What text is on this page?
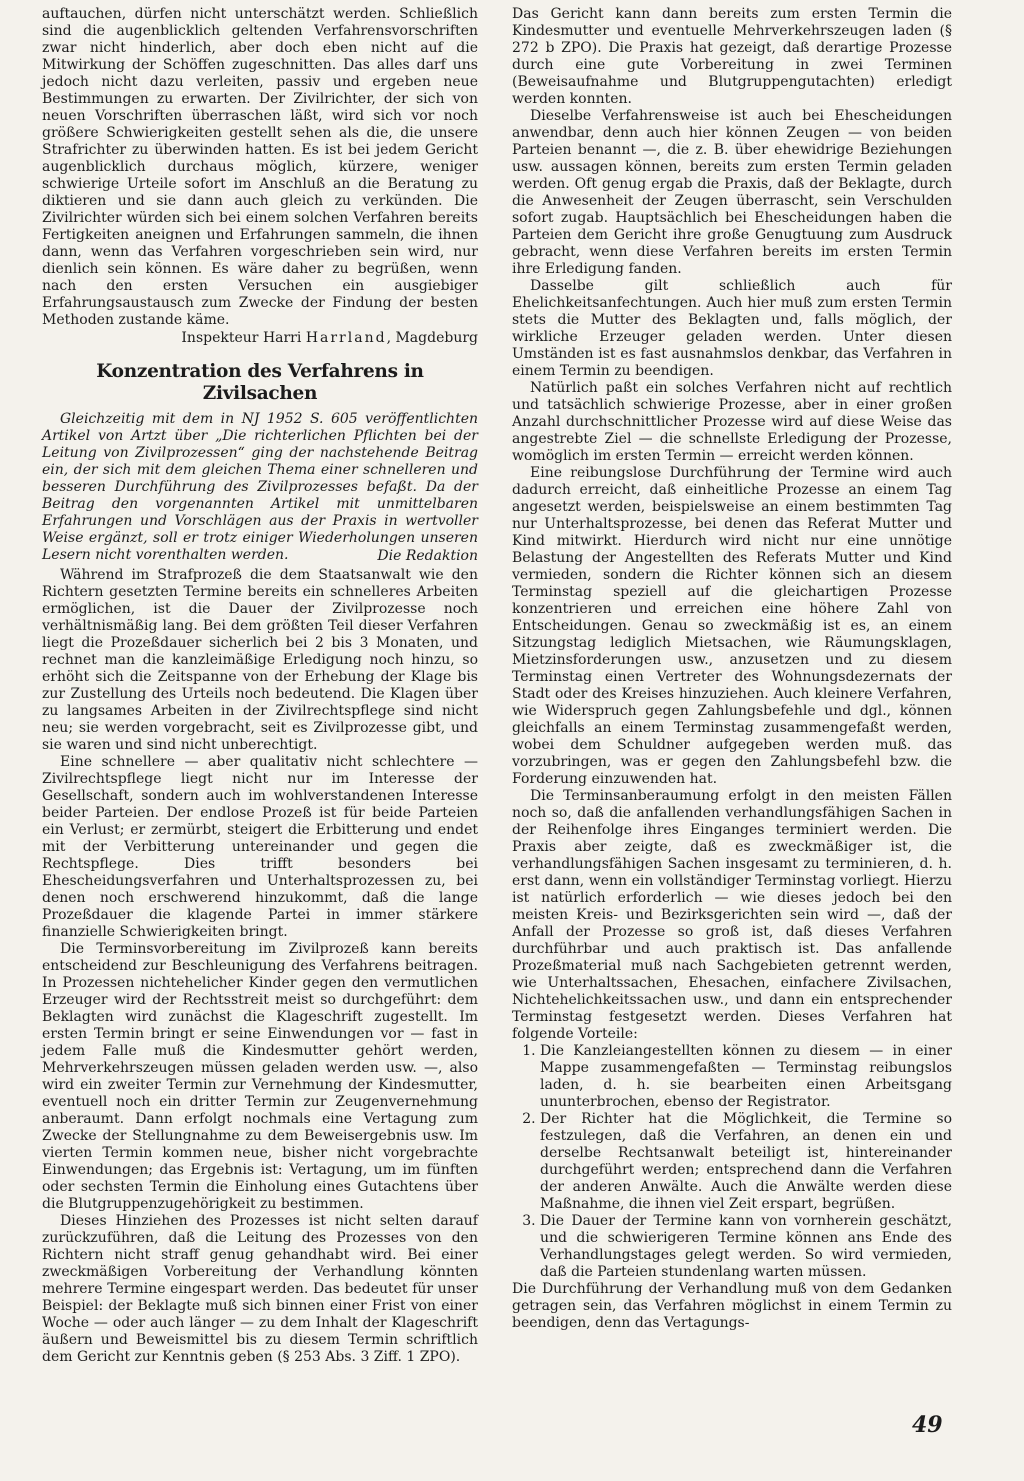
auftauchen, dürfen nicht unterschätzt werden. Schließlich sind die augenblicklich geltenden Verfahrensvorschriften zwar nicht hinderlich, aber doch eben nicht auf die Mitwirkung der Schöffen zugeschnitten. Das alles darf uns jedoch nicht dazu verleiten, passiv und ergeben neue Bestimmungen zu erwarten. Der Zivilrichter, der sich von neuen Vorschriften überraschen läßt, wird sich vor noch größere Schwierigkeiten gestellt sehen als die, die unsere Strafrichter zu überwinden hatten. Es ist bei jedem Gericht augenblicklich durchaus möglich, kürzere, weniger schwierige Urteile sofort im Anschluß an die Beratung zu diktieren und sie dann auch gleich zu verkünden. Die Zivilrichter würden sich bei einem solchen Verfahren bereits Fertigkeiten aneignen und Erfahrungen sammeln, die ihnen dann, wenn das Verfahren vorgeschrieben sein wird, nur dienlich sein können. Es wäre daher zu begrüßen, wenn nach den ersten Versuchen ein ausgiebiger Erfahrungsaustausch zum Zwecke der Findung der besten Methoden zustande käme.

Inspekteur Harri Harrland, Magdeburg

Konzentration des Verfahrens in Zivilsachen

Gleichzeitig mit dem in NJ 1952 S. 605 veröffentlichten Artikel von Artzt über „Die richterlichen Pflichten bei der Leitung von Zivilprozessen“ ging der nachstehende Beitrag ein, der sich mit dem gleichen Thema einer schnelleren und besseren Durchführung des Zivilprozesses befaßt. Da der Beitrag den vorgenannten Artikel mit unmittelbaren Erfahrungen und Vorschlägen aus der Praxis in wertvoller Weise ergänzt, soll er trotz einiger Wiederholungen unseren Lesern nicht vorenthalten werden.	Die Redaktion

Während im Strafprozeß die dem Staatsanwalt wie den Richtern gesetzten Termine bereits ein schnelleres Arbeiten ermöglichen, ist die Dauer der Zivilprozesse noch verhältnismäßig lang. Bei dem größten Teil dieser Verfahren liegt die Prozeßdauer sicherlich bei 2 bis 3 Monaten, und rechnet man die kanzleimäßige Erledigung noch hinzu, so erhöht sich die Zeitspanne von der Erhebung der Klage bis zur Zustellung des Urteils noch bedeutend. Die Klagen über zu langsames Arbeiten in der Zivilrechtspflege sind nicht neu; sie werden vorgebracht, seit es Zivilprozesse gibt, und sie waren und sind nicht unberechtigt.

Eine schnellere — aber qualitativ nicht schlechtere — Zivilrechtspflege liegt nicht nur im Interesse der Gesellschaft, sondern auch im wohlverstandenen Interesse beider Parteien. Der endlose Prozeß ist für beide Parteien ein Verlust; er zermürbt, steigert die Erbitterung und endet mit der Verbitterung untereinander und gegen die Rechtspflege. Dies trifft besonders bei Ehescheidungsverfahren und Unterhaltsprozessen zu, bei denen noch erschwerend hinzukommt, daß die lange Prozeßdauer die klagende Partei in immer stärkere finanzielle Schwierigkeiten bringt.

Die Terminsvorbereitung im Zivilprozeß kann bereits entscheidend zur Beschleunigung des Verfahrens beitragen. In Prozessen nichtehelicher Kinder gegen den vermutlichen Erzeuger wird der Rechtsstreit meist so durchgeführt: dem Beklagten wird zunächst die Klageschrift zugestellt. Im ersten Termin bringt er seine Einwendungen vor — fast in jedem Falle muß die Kindesmutter gehört werden, Mehrverkehrszeugen müssen geladen werden usw. —, also wird ein zweiter Termin zur Vernehmung der Kindesmutter, eventuell noch ein dritter Termin zur Zeugenvernehmung anberaumt. Dann erfolgt nochmals eine Vertagung zum Zwecke der Stellungnahme zu dem Beweisergebnis usw. Im vierten Termin kommen neue, bisher nicht vorgebrachte Einwendungen; das Ergebnis ist: Vertagung, um im fünften oder sechsten Termin die Einholung eines Gutachtens über die Blutgruppenzugehörigkeit zu bestimmen.

Dieses Hinziehen des Prozesses ist nicht selten darauf zurückzuführen, daß die Leitung des Prozesses von den Richtern nicht straff genug gehandhabt wird. Bei einer zweckmäßigen Vorbereitung der Verhandlung könnten mehrere Termine eingespart werden. Das bedeutet für unser Beispiel: der Beklagte muß sich binnen einer Frist von einer Woche — oder auch länger — zu dem Inhalt der Klageschrift äußern und Beweismittel bis zu diesem Termin schriftlich dem Gericht zur Kenntnis geben (§ 253 Abs. 3 Ziff. 1 ZPO).

Das Gericht kann dann bereits zum ersten Termin die Kindesmutter und eventuelle Mehrverkehrszeugen laden (§ 272 b ZPO). Die Praxis hat gezeigt, daß derartige Prozesse durch eine gute Vorbereitung in zwei Terminen (Beweisaufnahme und Blutgruppengutachten) erledigt werden konnten.

Dieselbe Verfahrensweise ist auch bei Ehescheidungen anwendbar, denn auch hier können Zeugen — von beiden Parteien benannt —, die z. B. über ehewidrige Beziehungen usw. aussagen können, bereits zum ersten Termin geladen werden. Oft genug ergab die Praxis, daß der Beklagte, durch die Anwesenheit der Zeugen überrascht, sein Verschulden sofort zugab. Hauptsächlich bei Ehescheidungen haben die Parteien dem Gericht ihre große Genugtuung zum Ausdruck gebracht, wenn diese Verfahren bereits im ersten Termin ihre Erledigung fanden.

Dasselbe gilt schließlich auch für Ehelichkeitsanfechtungen. Auch hier muß zum ersten Termin stets die Mutter des Beklagten und, falls möglich, der wirkliche Erzeuger geladen werden. Unter diesen Umständen ist es fast ausnahmslos denkbar, das Verfahren in einem Termin zu beendigen.

Natürlich paßt ein solches Verfahren nicht auf rechtlich und tatsächlich schwierige Prozesse, aber in einer großen Anzahl durchschnittlicher Prozesse wird auf diese Weise das angestrebte Ziel — die schnellste Erledigung der Prozesse, womöglich im ersten Termin — erreicht werden können.

Eine reibungslose Durchführung der Termine wird auch dadurch erreicht, daß einheitliche Prozesse an einem Tag angesetzt werden, beispielsweise an einem bestimmten Tag nur Unterhaltsprozesse, bei denen das Referat Mutter und Kind mitwirkt. Hierdurch wird nicht nur eine unnötige Belastung der Angestellten des Referats Mutter und Kind vermieden, sondern die Richter können sich an diesem Terminstag speziell auf die gleichartigen Prozesse konzentrieren und erreichen eine höhere Zahl von Entscheidungen. Genau so zweckmäßig ist es, an einem Sitzungstag lediglich Mietsachen, wie Räumungsklagen, Mietzinsforderungen usw., anzusetzen und zu diesem Terminstag einen Vertreter des Wohnungsdezernats der Stadt oder des Kreises hinzuziehen. Auch kleinere Verfahren, wie Widerspruch gegen Zahlungsbefehle und dgl., können gleichfalls an einem Terminstag zusammengefaßt werden, wobei dem Schuldner aufgegeben werden muß. das vorzubringen, was er gegen den Zahlungsbefehl bzw. die Forderung einzuwenden hat.

Die Terminsanberaumung erfolgt in den meisten Fällen noch so, daß die anfallenden verhandlungsfähigen Sachen in der Reihenfolge ihres Einganges terminiert werden. Die Praxis aber zeigte, daß es zweckmäßiger ist, die verhandlungsfähigen Sachen insgesamt zu terminieren, d. h. erst dann, wenn ein vollständiger Terminstag vorliegt. Hierzu ist natürlich erforderlich — wie dieses jedoch bei den meisten Kreis- und Bezirksgerichten sein wird —, daß der Anfall der Prozesse so groß ist, daß dieses Verfahren durchführbar und auch praktisch ist. Das anfallende Prozeßmaterial muß nach Sachgebieten getrennt werden, wie Unterhaltssachen, Ehesachen, einfachere Zivilsachen, Nichtehelichkeitssachen usw., und dann ein entsprechender Terminstag festgesetzt werden. Dieses Verfahren hat folgende Vorteile:

1. Die Kanzleiangestellten können zu diesem — in einer Mappe zusammengefaßten — Terminstag reibungslos laden, d. h. sie bearbeiten einen Arbeitsgang ununterbrochen, ebenso der Registrator.
2. Der Richter hat die Möglichkeit, die Termine so festzulegen, daß die Verfahren, an denen ein und derselbe Rechtsanwalt beteiligt ist, hintereinander durchgeführt werden; entsprechend dann die Verfahren der anderen Anwälte. Auch die Anwälte werden diese Maßnahme, die ihnen viel Zeit erspart, begrüßen.
3. Die Dauer der Termine kann von vornherein geschätzt, und die schwierigeren Termine können ans Ende des Verhandlungstages gelegt werden. So wird vermieden, daß die Parteien stundenlang warten müssen.

Die Durchführung der Verhandlung muß von dem Gedanken getragen sein, das Verfahren möglichst in einem Termin zu beendigen, denn das Vertagungs-

49
